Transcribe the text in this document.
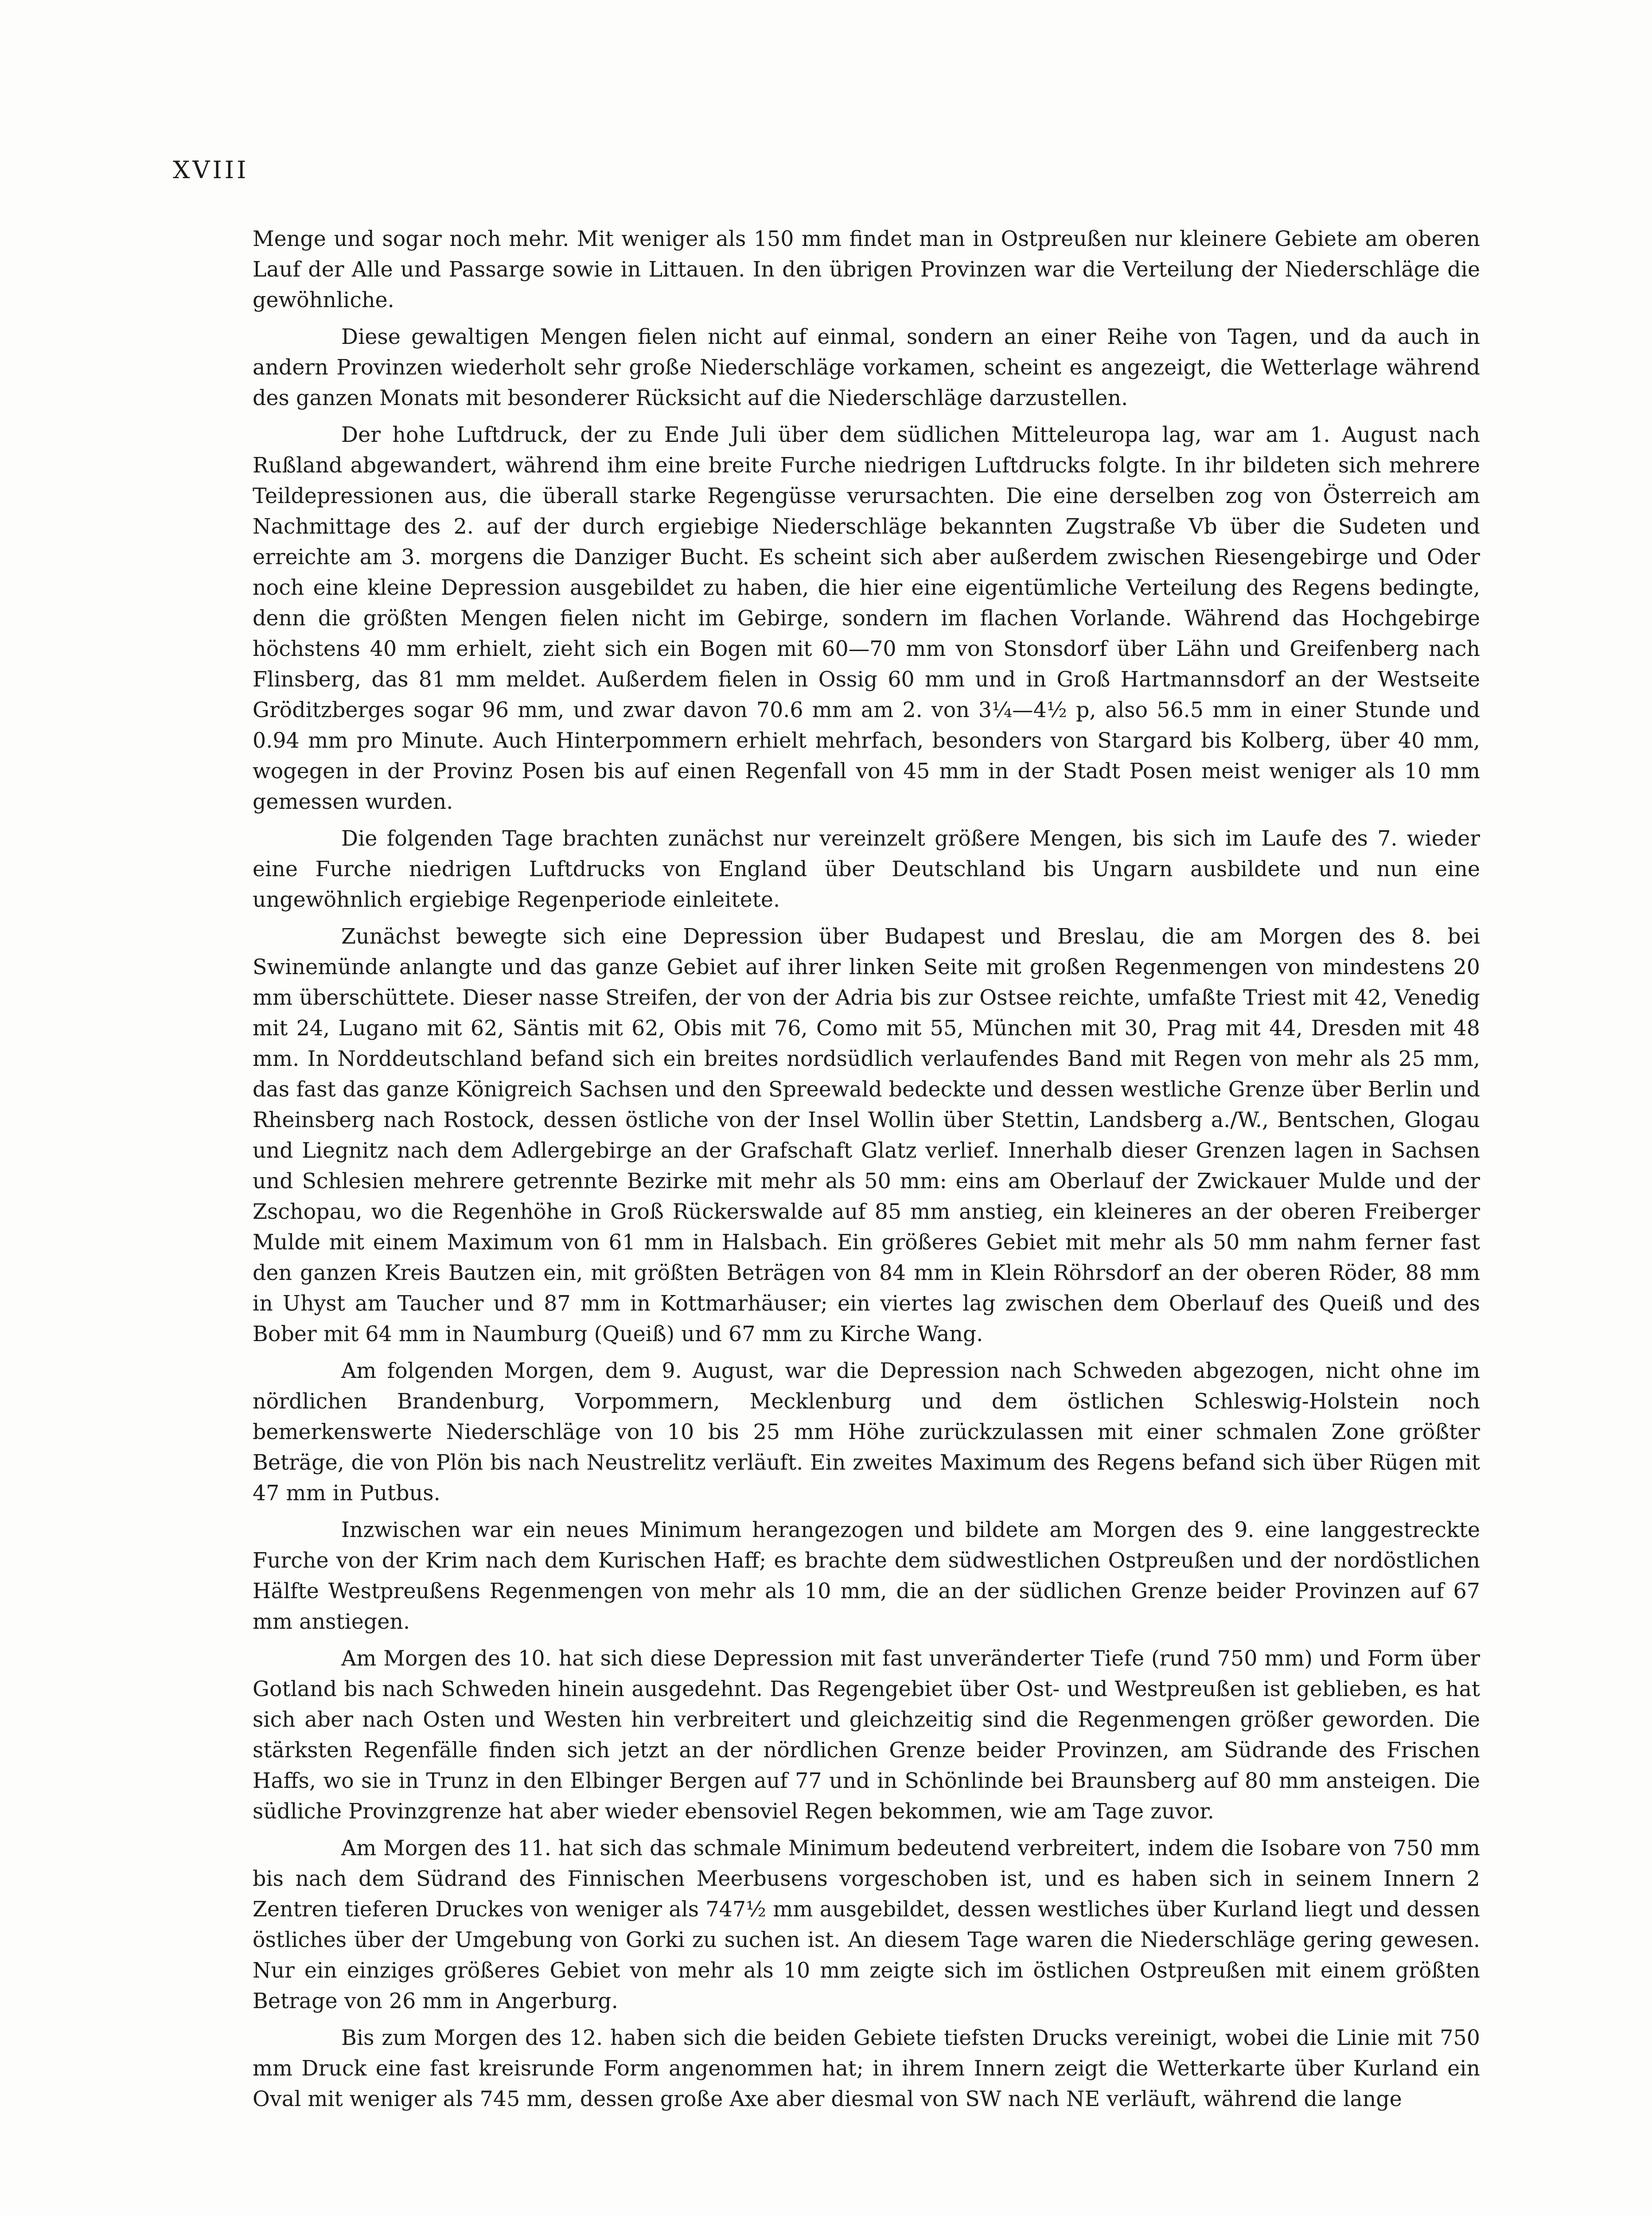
XVIII

Menge und sogar noch mehr. Mit weniger als 150 mm findet man in Ostpreußen nur kleinere Gebiete am oberen Lauf der Alle und Passarge sowie in Littauen. In den übrigen Provinzen war die Verteilung der Niederschläge die gewöhnliche.

Diese gewaltigen Mengen fielen nicht auf einmal, sondern an einer Reihe von Tagen, und da auch in andern Provinzen wiederholt sehr große Niederschläge vorkamen, scheint es angezeigt, die Wetterlage während des ganzen Monats mit besonderer Rücksicht auf die Niederschläge darzustellen.

Der hohe Luftdruck, der zu Ende Juli über dem südlichen Mitteleuropa lag, war am 1. August nach Rußland abgewandert, während ihm eine breite Furche niedrigen Luftdrucks folgte. In ihr bildeten sich mehrere Teildepressionen aus, die überall starke Regengüsse verursachten. Die eine derselben zog von Österreich am Nachmittage des 2. auf der durch ergiebige Niederschläge bekannten Zugstraße Vb über die Sudeten und erreichte am 3. morgens die Danziger Bucht. Es scheint sich aber außerdem zwischen Riesengebirge und Oder noch eine kleine Depression ausgebildet zu haben, die hier eine eigentümliche Verteilung des Regens bedingte, denn die größten Mengen fielen nicht im Gebirge, sondern im flachen Vorlande. Während das Hochgebirge höchstens 40 mm erhielt, zieht sich ein Bogen mit 60—70 mm von Stonsdorf über Lähn und Greifenberg nach Flinsberg, das 81 mm meldet. Außerdem fielen in Ossig 60 mm und in Groß Hartmannsdorf an der Westseite Gröditzberges sogar 96 mm, und zwar davon 70.6 mm am 2. von 3¼—4½ p, also 56.5 mm in einer Stunde und 0.94 mm pro Minute. Auch Hinterpommern erhielt mehrfach, besonders von Stargard bis Kolberg, über 40 mm, wogegen in der Provinz Posen bis auf einen Regenfall von 45 mm in der Stadt Posen meist weniger als 10 mm gemessen wurden.

Die folgenden Tage brachten zunächst nur vereinzelt größere Mengen, bis sich im Laufe des 7. wieder eine Furche niedrigen Luftdrucks von England über Deutschland bis Ungarn ausbildete und nun eine ungewöhnlich ergiebige Regenperiode einleitete.

Zunächst bewegte sich eine Depression über Budapest und Breslau, die am Morgen des 8. bei Swinemünde anlangte und das ganze Gebiet auf ihrer linken Seite mit großen Regenmengen von mindestens 20 mm überschüttete. Dieser nasse Streifen, der von der Adria bis zur Ostsee reichte, umfaßte Triest mit 42, Venedig mit 24, Lugano mit 62, Säntis mit 62, Obis mit 76, Como mit 55, München mit 30, Prag mit 44, Dresden mit 48 mm. In Norddeutschland befand sich ein breites nordsüdlich verlaufendes Band mit Regen von mehr als 25 mm, das fast das ganze Königreich Sachsen und den Spreewald bedeckte und dessen westliche Grenze über Berlin und Rheinsberg nach Rostock, dessen östliche von der Insel Wollin über Stettin, Landsberg a./W., Bentschen, Glogau und Liegnitz nach dem Adlergebirge an der Grafschaft Glatz verlief. Innerhalb dieser Grenzen lagen in Sachsen und Schlesien mehrere getrennte Bezirke mit mehr als 50 mm: eins am Oberlauf der Zwickauer Mulde und der Zschopau, wo die Regenhöhe in Groß Rückerswalde auf 85 mm anstieg, ein kleineres an der oberen Freiberger Mulde mit einem Maximum von 61 mm in Halsbach. Ein größeres Gebiet mit mehr als 50 mm nahm ferner fast den ganzen Kreis Bautzen ein, mit größten Beträgen von 84 mm in Klein Röhrsdorf an der oberen Röder, 88 mm in Uhyst am Taucher und 87 mm in Kottmarhäuser; ein viertes lag zwischen dem Oberlauf des Queiß und des Bober mit 64 mm in Naumburg (Queiß) und 67 mm zu Kirche Wang.

Am folgenden Morgen, dem 9. August, war die Depression nach Schweden abgezogen, nicht ohne im nördlichen Brandenburg, Vorpommern, Mecklenburg und dem östlichen Schleswig-Holstein noch bemerkenswerte Niederschläge von 10 bis 25 mm Höhe zurückzulassen mit einer schmalen Zone größter Beträge, die von Plön bis nach Neustrelitz verläuft. Ein zweites Maximum des Regens befand sich über Rügen mit 47 mm in Putbus.

Inzwischen war ein neues Minimum herangezogen und bildete am Morgen des 9. eine langgestreckte Furche von der Krim nach dem Kurischen Haff; es brachte dem südwestlichen Ostpreußen und der nordöstlichen Hälfte Westpreußens Regenmengen von mehr als 10 mm, die an der südlichen Grenze beider Provinzen auf 67 mm anstiegen.

Am Morgen des 10. hat sich diese Depression mit fast unveränderter Tiefe (rund 750 mm) und Form über Gotland bis nach Schweden hinein ausgedehnt. Das Regengebiet über Ost- und Westpreußen ist geblieben, es hat sich aber nach Osten und Westen hin verbreitert und gleichzeitig sind die Regenmengen größer geworden. Die stärksten Regenfälle finden sich jetzt an der nördlichen Grenze beider Provinzen, am Südrande des Frischen Haffs, wo sie in Trunz in den Elbinger Bergen auf 77 und in Schönlinde bei Braunsberg auf 80 mm ansteigen. Die südliche Provinzgrenze hat aber wieder ebensoviel Regen bekommen, wie am Tage zuvor.

Am Morgen des 11. hat sich das schmale Minimum bedeutend verbreitert, indem die Isobare von 750 mm bis nach dem Südrand des Finnischen Meerbusens vorgeschoben ist, und es haben sich in seinem Innern 2 Zentren tieferen Druckes von weniger als 747½ mm ausgebildet, dessen westliches über Kurland liegt und dessen östliches über der Umgebung von Gorki zu suchen ist. An diesem Tage waren die Niederschläge gering gewesen. Nur ein einziges größeres Gebiet von mehr als 10 mm zeigte sich im östlichen Ostpreußen mit einem größten Betrage von 26 mm in Angerburg.

Bis zum Morgen des 12. haben sich die beiden Gebiete tiefsten Drucks vereinigt, wobei die Linie mit 750 mm Druck eine fast kreisrunde Form angenommen hat; in ihrem Innern zeigt die Wetterkarte über Kurland ein Oval mit weniger als 745 mm, dessen große Axe aber diesmal von SW nach NE verläuft, während die lange
